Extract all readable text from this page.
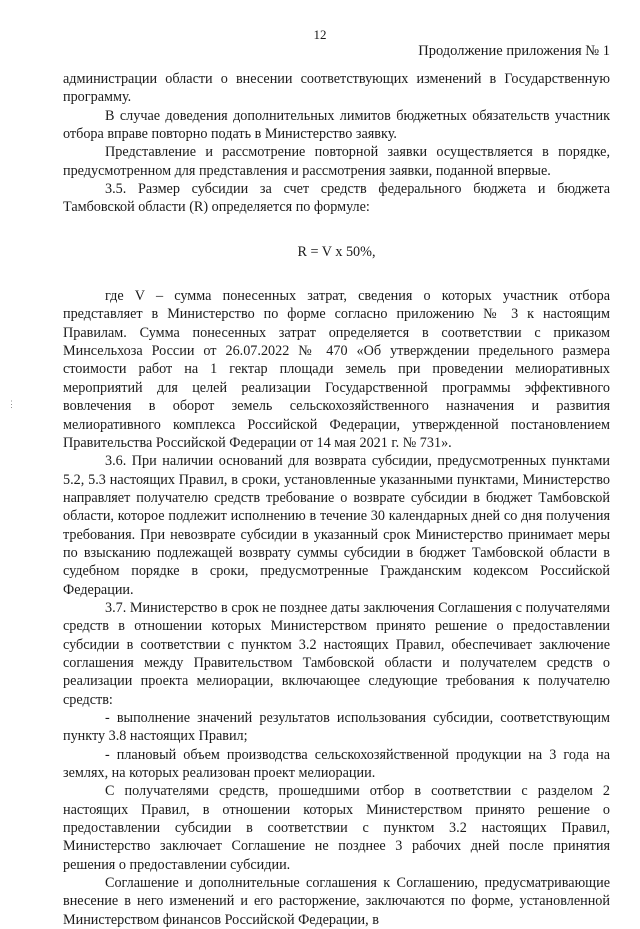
12
Продолжение приложения № 1
⋮

администрации области о внесении соответствующих изменений в Государственную программу.

В случае доведения дополнительных лимитов бюджетных обязательств участник отбора вправе повторно подать в Министерство заявку.

Представление и рассмотрение повторной заявки осуществляется в порядке, предусмотренном для представления и рассмотрения заявки, поданной впервые.

3.5. Размер субсидии за счет средств федерального бюджета и бюджета Тамбовской области (R) определяется по формуле:

R = V x 50%,

где V – сумма понесенных затрат, сведения о которых участник отбора представляет в Министерство по форме согласно приложению № 3 к настоящим Правилам. Сумма понесенных затрат определяется в соответствии с приказом Минсельхоза России от 26.07.2022 № 470 «Об утверждении предельного размера стоимости работ на 1 гектар площади земель при проведении мелиоративных мероприятий для целей реализации Государственной программы эффективного вовлечения в оборот земель сельскохозяйственного назначения и развития мелиоративного комплекса Российской Федерации, утвержденной постановлением Правительства Российской Федерации от 14 мая 2021 г. № 731».

3.6. При наличии оснований для возврата субсидии, предусмотренных пунктами 5.2, 5.3 настоящих Правил, в сроки, установленные указанными пунктами, Министерство направляет получателю средств требование о возврате субсидии в бюджет Тамбовской области, которое подлежит исполнению в течение 30 календарных дней со дня получения требования. При невозврате субсидии в указанный срок Министерство принимает меры по взысканию подлежащей возврату суммы субсидии в бюджет Тамбовской области в судебном порядке в сроки, предусмотренные Гражданским кодексом Российской Федерации.

3.7. Министерство в срок не позднее даты заключения Соглашения с получателями средств в отношении которых Министерством принято решение о предоставлении субсидии в соответствии с пунктом 3.2 настоящих Правил, обеспечивает заключение соглашения между Правительством Тамбовской области и получателем средств о реализации проекта мелиорации, включающее следующие требования к получателю средств:

- выполнение значений результатов использования субсидии, соответствующим пункту 3.8 настоящих Правил;

- плановый объем производства сельскохозяйственной продукции на 3 года на землях, на которых реализован проект мелиорации.

С получателями средств, прошедшими отбор в соответствии с разделом 2 настоящих Правил, в отношении которых Министерством принято решение о предоставлении субсидии в соответствии с пунктом 3.2 настоящих Правил, Министерство заключает Соглашение не позднее 3 рабочих дней после принятия решения о предоставлении субсидии.

Соглашение и дополнительные соглашения к Соглашению, предусматривающие внесение в него изменений и его расторжение, заключаются по форме, установленной Министерством финансов Российской Федерации, в
